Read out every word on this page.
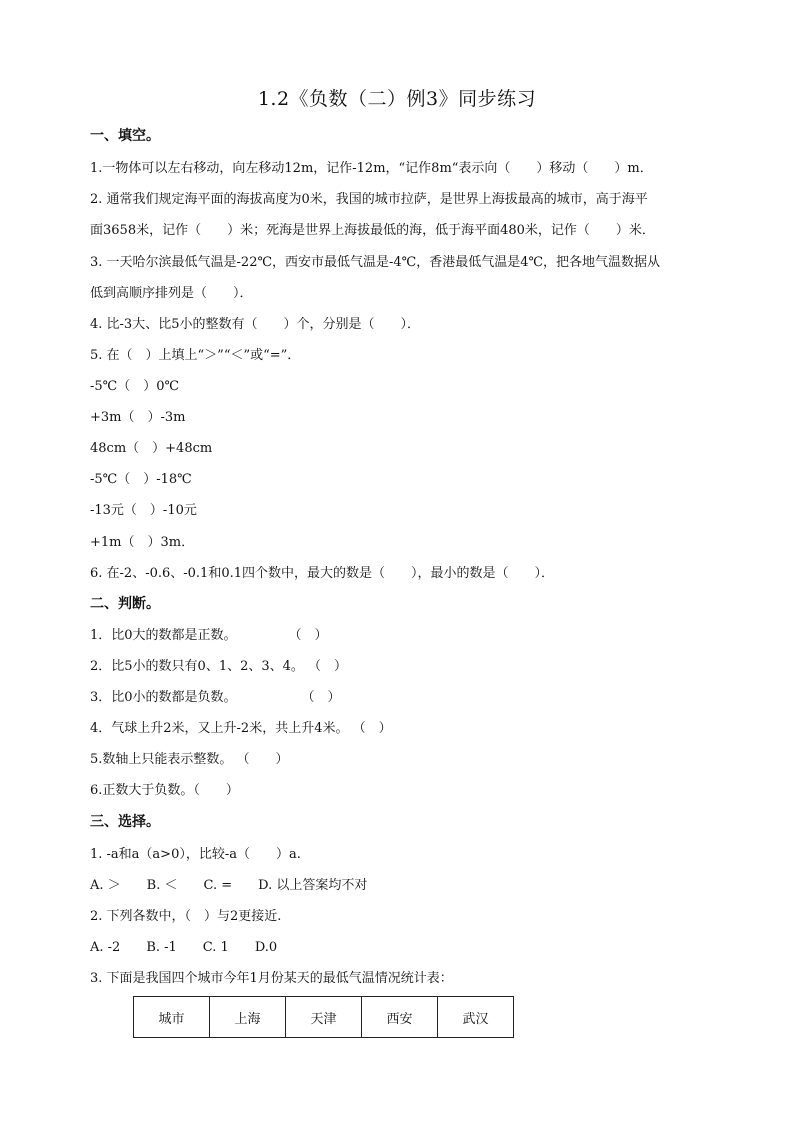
1.2《负数（二）例3》同步练习
一、填空。
1.一物体可以左右移动，向左移动12m，记作-12m，“记作8m“表示向（　　）移动（　　）m．
2. 通常我们规定海平面的海拔高度为0米，我国的城市拉萨，是世界上海拔最高的城市，高于海平
面3658米，记作（　　）米；死海是世界上海拔最低的海，低于海平面480米，记作（　　）米．
3. 一天哈尔滨最低气温是-22℃，西安市最低气温是-4℃，香港最低气温是4℃，把各地气温数据从
低到高顺序排列是（　　）．
4. 比-3大、比5小的整数有（　　）个，分别是（　　）．
5. 在（　）上填上“＞”“＜”或“=”．
-5℃（　）0℃
+3m（　）-3m
48cm（　）+48cm
-5℃（　）-18℃
-13元（　）-10元
+1m（　）3m．
6. 在-2、-0.6、-0.1和0.1四个数中，最大的数是（　　），最小的数是（　　）．
二、判断。
1．比0大的数都是正数。　　　　　（　）
2．比5小的数只有0、1、2、3、4。 （　）
3．比0小的数都是负数。　　　　　　（　）
4．气球上升2米，又上升-2米，共上升4米。 （　）
5.数轴上只能表示整数。 （　　）
6.正数大于负数。（　　）
三、选择。
1. -a和a（a>0），比较-a（　　）a.
A. ＞　　B. ＜　　C. =　　D. 以上答案均不对
2. 下列各数中，（　）与2更接近.
A. -2　　B. -1　　C. 1　　D.0
3. 下面是我国四个城市今年1月份某天的最低气温情况统计表：
城市	上海	天津	西安	武汉
